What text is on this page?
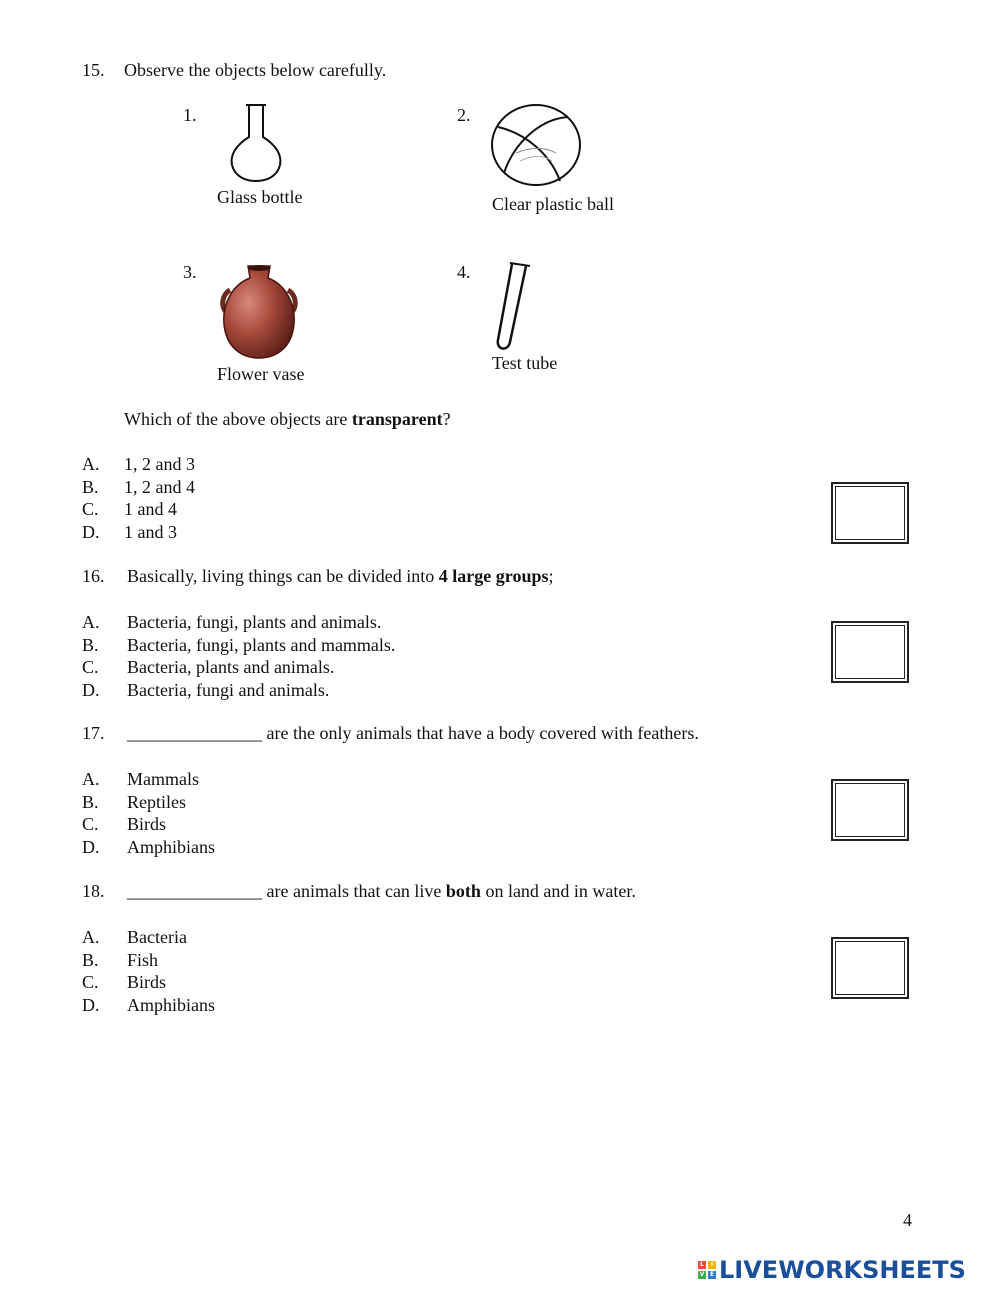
15. Observe the objects below carefully.
1.
Glass bottle
2.
Clear plastic ball
3.
Flower vase
4.
Test tube
Which of the above objects are transparent?
A. 1, 2 and 3
B. 1, 2 and 4
C. 1 and 4
D. 1 and 3
16. Basically, living things can be divided into 4 large groups;
A. Bacteria, fungi, plants and animals.
B. Bacteria, fungi, plants and mammals.
C. Bacteria, plants and animals.
D. Bacteria, fungi and animals.
17. _______________ are the only animals that have a body covered with feathers.
A. Mammals
B. Reptiles
C. Birds
D. Amphibians
18. _______________ are animals that can live both on land and in water.
A. Bacteria
B. Fish
C. Birds
D. Amphibians
4
L	I
V E LIVEWORKSHEETS
